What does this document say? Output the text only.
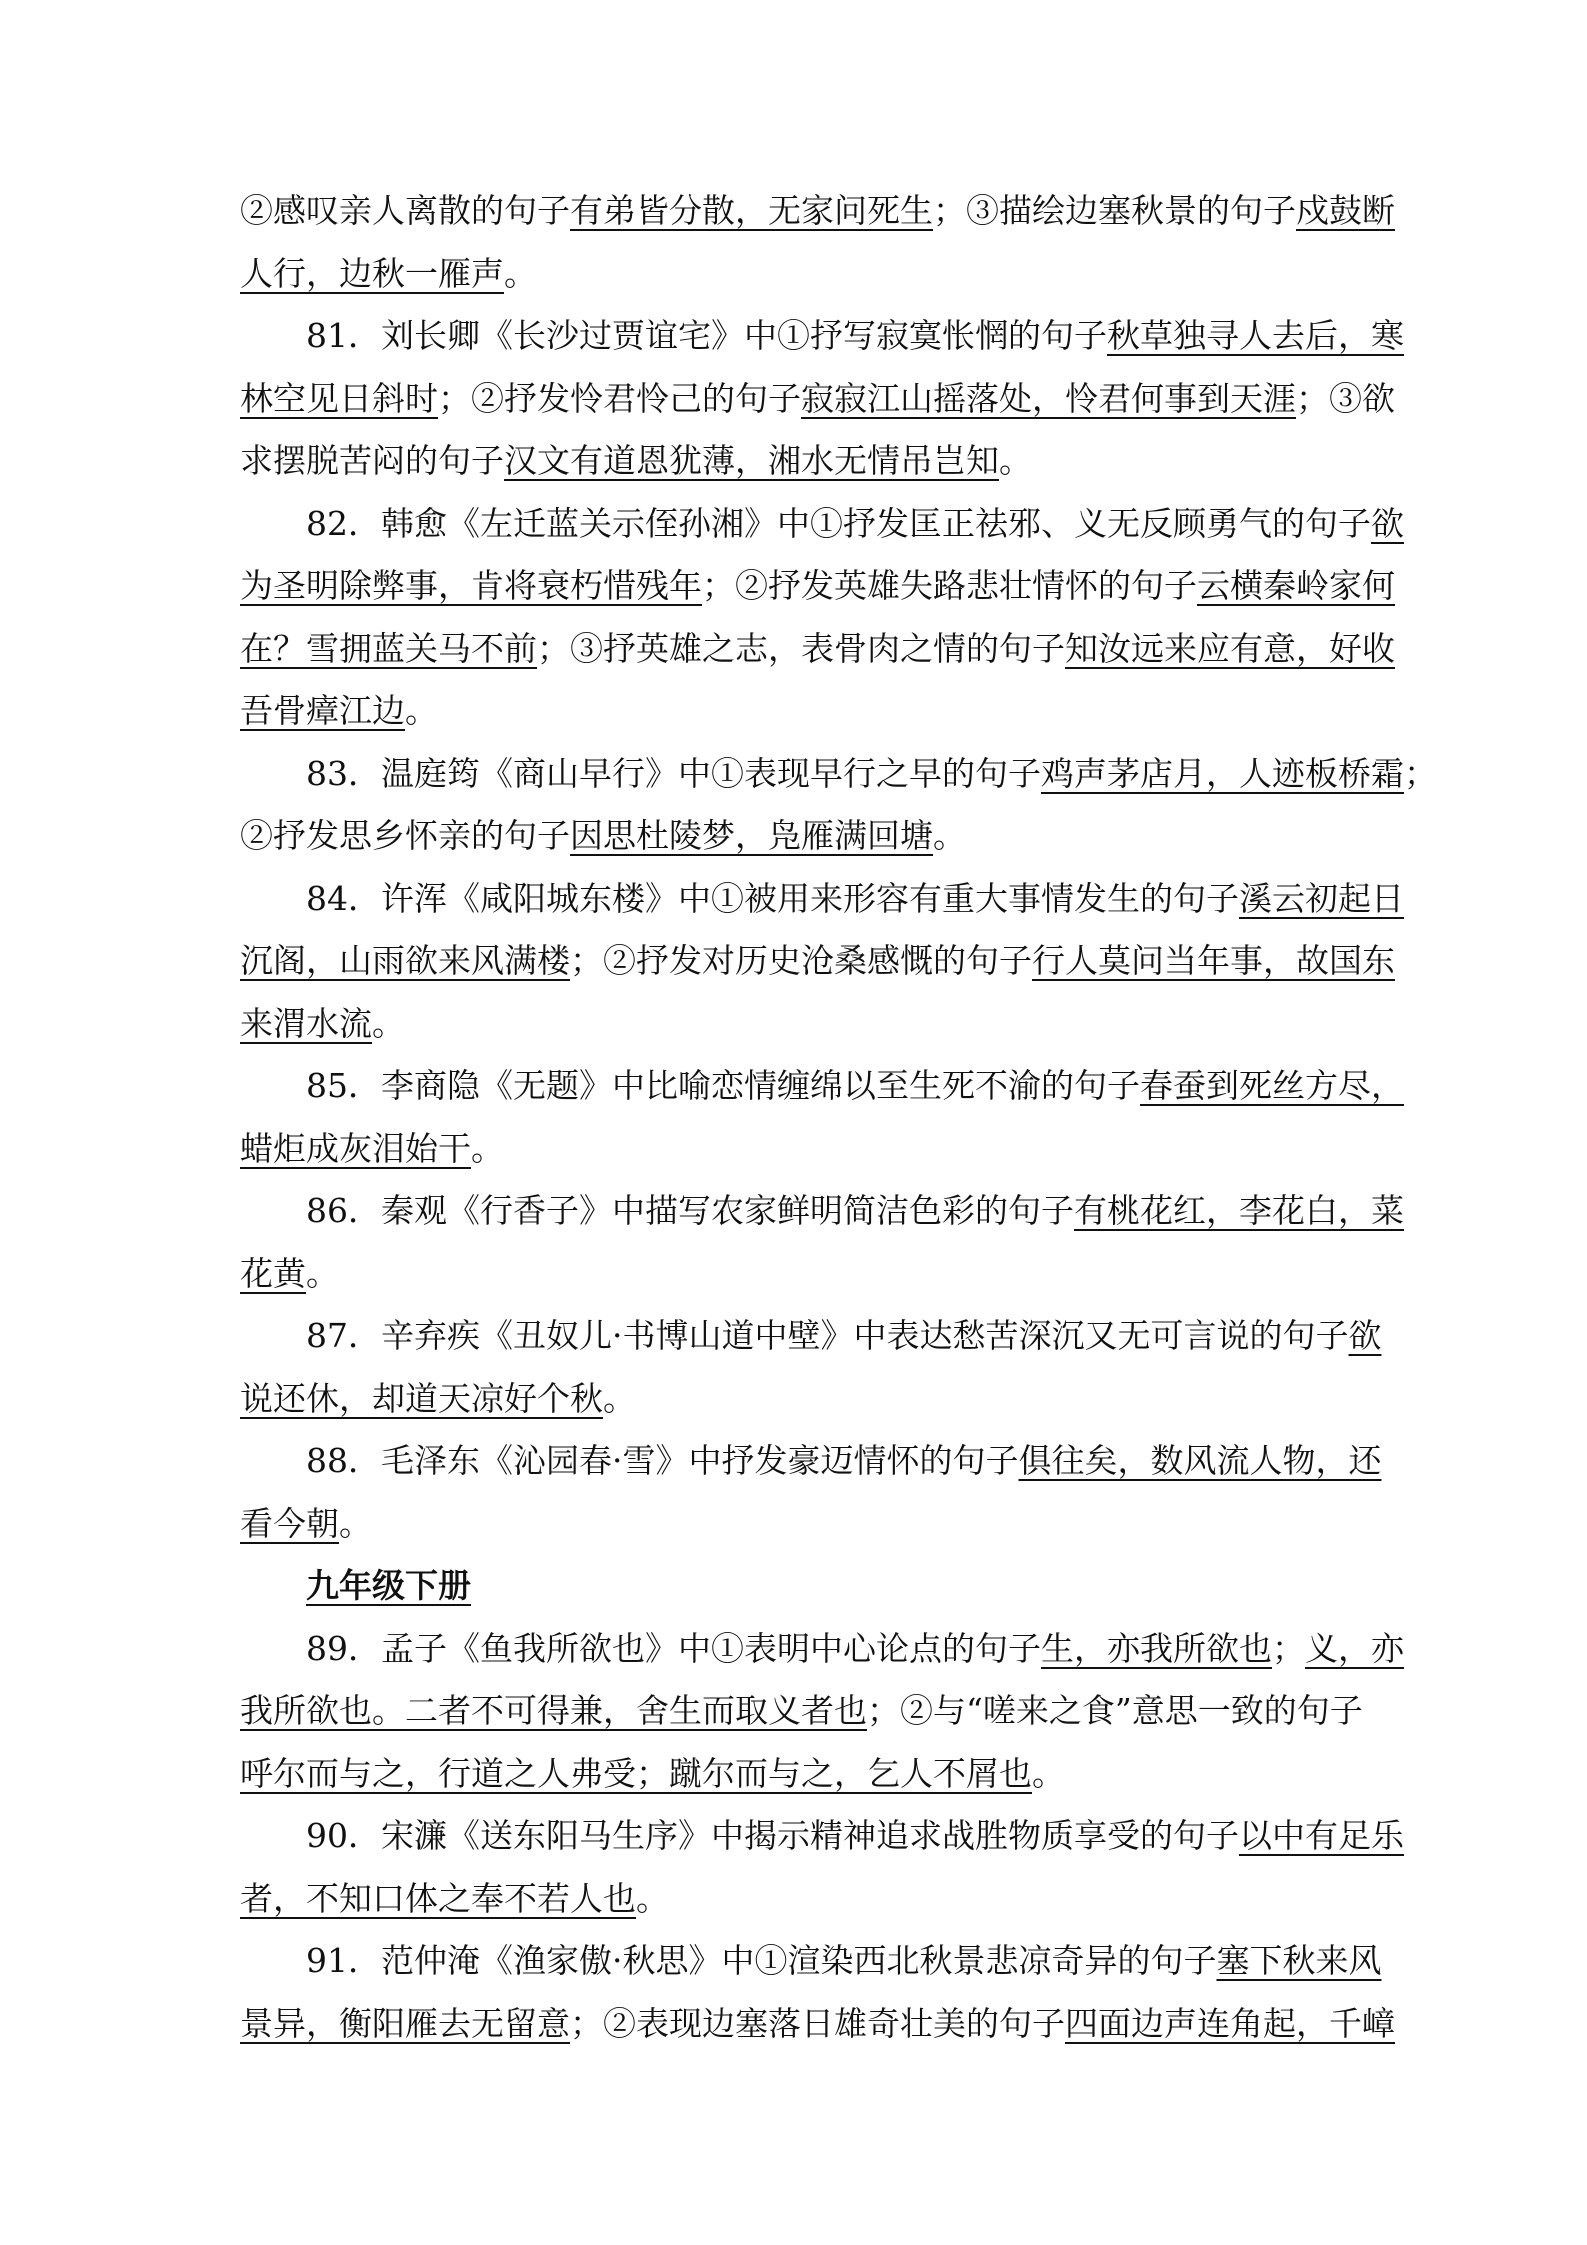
②感叹亲人离散的句子 有弟皆分散，无家问死生 ；③描绘边塞秋景的句子 戍鼓断
人行，边秋一雁声 。
81．刘长卿《长沙过贾谊宅》中①抒写寂寞怅惘的句子 秋草独寻人去后，寒
林空见日斜时 ；②抒发怜君怜己的句子 寂寂江山摇落处，怜君何事到天涯 ；③欲
求摆脱苦闷的句子 汉文有道恩犹薄，湘水无情吊岂知 。
82．韩愈《左迁蓝关示侄孙湘》中①抒发匡正祛邪、义无反顾勇气的句子 欲
为圣明除弊事，肯将衰朽惜残年 ；②抒发英雄失路悲壮情怀的句子 云横秦岭家何
在？雪拥蓝关马不前 ；③抒英雄之志，表骨肉之情的句子 知汝远来应有意，好收
吾骨瘴江边 。
83．温庭筠《商山早行》中①表现早行之早的句子 鸡声茅店月，人迹板桥霜 ；
②抒发思乡怀亲的句子 因思杜陵梦，凫雁满回塘 。
84．许浑《咸阳城东楼》中①被用来形容有重大事情发生的句子 溪云初起日
沉阁，山雨欲来风满楼 ；②抒发对历史沧桑感慨的句子 行人莫问当年事，故国东
来渭水流 。
85．李商隐《无题》中比喻恋情缠绵以至生死不渝的句子 春蚕到死丝方尽，
蜡炬成灰泪始干 。
86．秦观《行香子》中描写农家鲜明简洁色彩的句子 有桃花红，李花白，菜
花黄 。
87．辛弃疾《丑奴儿·书博山道中壁》中表达愁苦深沉又无可言说的句子 欲
说还休，却道天凉好个秋 。
88．毛泽东《沁园春·雪》中抒发豪迈情怀的句子 俱往矣，数风流人物，还
看今朝 。
九年级下册
89．孟子《鱼我所欲也》中①表明中心论点的句子 生，亦我所欲也 ； 义，亦
我所欲也。二者不可得兼，舍生而取义者也 ；②与“嗟来之食”意思一致的句子
呼尔而与之，行道之人弗受；蹴尔而与之，乞人不屑也 。
90．宋濂《送东阳马生序》中揭示精神追求战胜物质享受的句子 以中有足乐
者，不知口体之奉不若人也 。
91．范仲淹《渔家傲·秋思》中①渲染西北秋景悲凉奇异的句子 塞下秋来风
景异，衡阳雁去无留意 ；②表现边塞落日雄奇壮美的句子 四面边声连角起，千嶂
